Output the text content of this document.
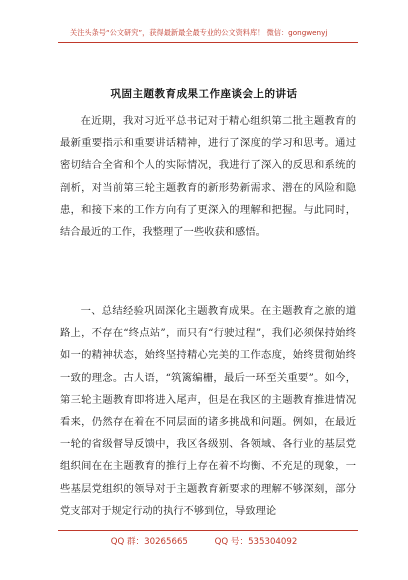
关注头条号“公文研究”，获得最新最全最专业的公文资料库！ 微信：gongwenyj
巩固主题教育成果工作座谈会上的讲话

在近期，我对习近平总书记对于精心组织第二批主题教育的最新重要指示和重要讲话精神，进行了深度的学习和思考。通过密切结合全省和个人的实际情况，我进行了深入的反思和系统的剖析，对当前第三轮主题教育的新形势新需求、潜在的风险和隐患，和接下来的工作方向有了更深入的理解和把握。与此同时，结合最近的工作，我整理了一些收获和感悟。

一、总结经验巩固深化主题教育成果。在主题教育之旅的道路上，不存在“终点站”，而只有“行驶过程”，我们必须保持始终如一的精神状态，始终坚持精心完美的工作态度，始终贯彻始终一致的理念。古人语，“筑篱编栅，最后一环至关重要”。如今，第三轮主题教育即将进入尾声，但是在我区的主题教育推进情况看来，仍然存在着在不同层面的诸多挑战和问题。例如，在最近一轮的省级督导反馈中，我区各级别、各领域、各行业的基层党组织间在在主题教育的推行上存在着不均衡、不充足的现象，一些基层党组织的领导对于主题教育新要求的理解不够深刻，部分党支部对于规定行动的执行不够到位，导致理论

QQ 群：30265665	QQ 号：535304092
